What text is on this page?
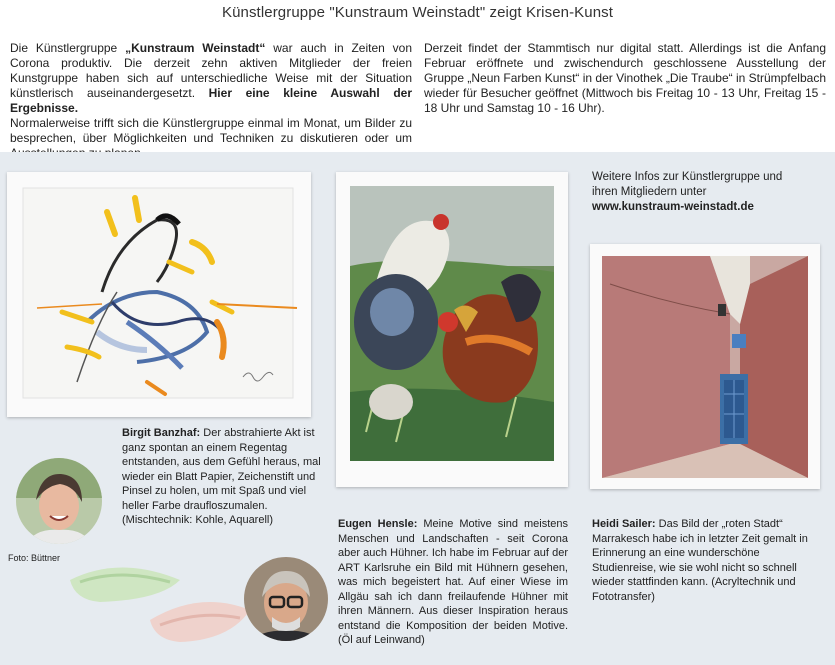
Künstlergruppe "Kunstraum Weinstadt" zeigt Krisen-Kunst
Die Künstlergruppe „Kunstraum Weinstadt“ war auch in Zeiten von Corona produktiv. Die derzeit zehn aktiven Mitglieder der freien Kunstgruppe haben sich auf unterschiedliche Weise mit der Situation künstlerisch auseinandergesetzt. Hier eine kleine Auswahl der Ergebnisse.
Normalerweise trifft sich die Künstlergruppe einmal im Monat, um Bilder zu besprechen, über Möglichkeiten und Techniken zu diskutieren oder um
Derzeit findet der Stammtisch nur digital statt. Allerdings ist die Anfang Februar eröffnete und zwischendurch geschlossene Ausstellung der Gruppe „Neun Farben Kunst“ in der Vinothek „Die Traube“ in Strümpfelbach wieder für Besucher geöffnet (Mittwoch bis Freitag 10 - 13 Uhr, Freitag 15 - 18 Uhr und Samstag 10 - 16 Uhr).
Weitere Infos zur Künstlergruppe und ihren Mitgliedern unter
www.kunstraum-weinstadt.de
Birgit Banzhaf: Der abstrahierte Akt ist ganz spontan an einem Regentag entstanden, aus dem Gefühl heraus, mal wieder ein Blatt Papier, Zeichenstift und Pinsel zu holen, um mit Spaß und viel heller Farbe draufloszumalen. (Mischtechnik: Kohle, Aquarell)
Foto: Büttner
Eugen Hensle: Meine Motive sind meistens Menschen und Landschaften - seit Corona aber auch Hühner. Ich habe im Februar auf der ART Karlsruhe ein Bild mit Hühnern gesehen, was mich begeistert hat. Auf einer Wiese im Allgäu sah ich dann freilaufende Hühner mit ihren Männern. Aus dieser Inspiration heraus entstand die Komposition der beiden Motive. (Öl auf Leinwand)
Heidi Sailer: Das Bild der „roten Stadt“ Marrakesch habe ich in letzter Zeit gemalt in Erinnerung an eine wunderschöne Studienreise, wie sie wohl nicht so schnell wieder stattfinden kann. (Acryltechnik und Fototransfer)
